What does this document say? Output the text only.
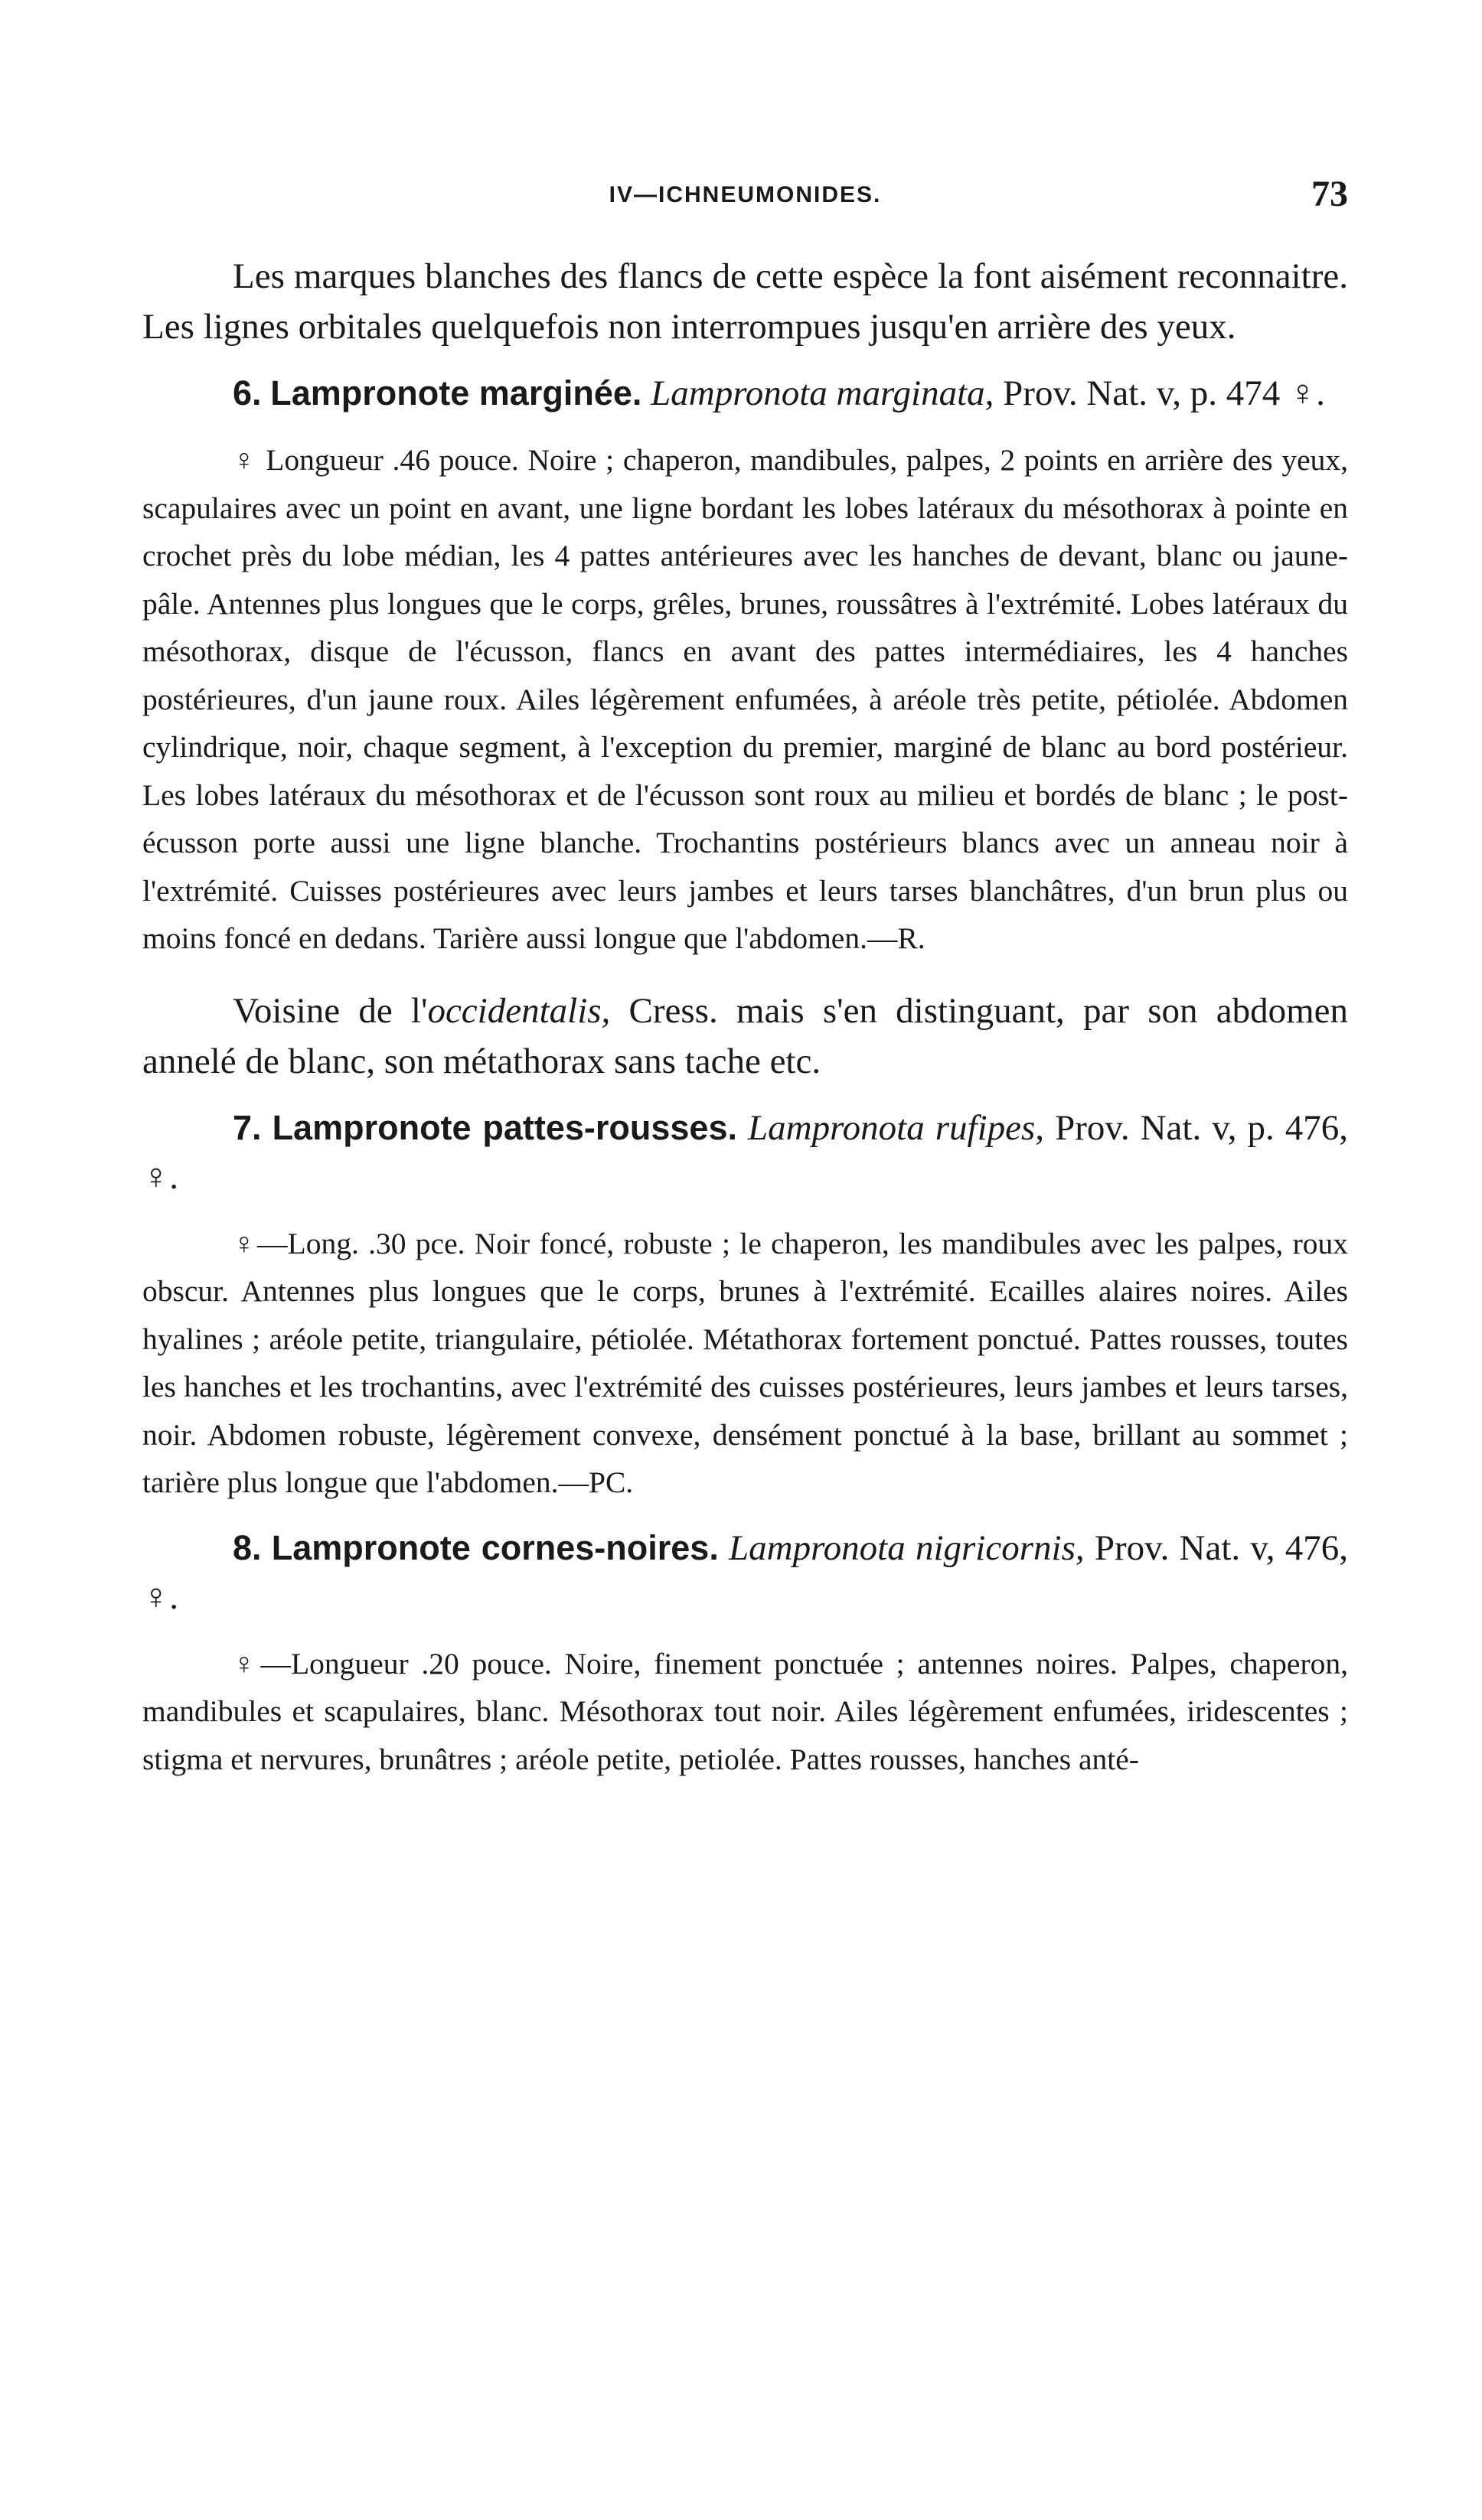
IV—ICHNEUMONIDES.	73

Les marques blanches des flancs de cette espèce la font aisément reconnaitre. Les lignes orbitales quelquefois non interrompues jusqu'en arrière des yeux.

6. Lampronote marginée. Lampronota marginata, Prov. Nat. v, p. 474 ♀.

♀ Longueur .46 pouce. Noire ; chaperon, mandibules, palpes, 2 points en arrière des yeux, scapulaires avec un point en avant, une ligne bordant les lobes latéraux du mésothorax à pointe en crochet près du lobe médian, les 4 pattes antérieures avec les hanches de devant, blanc ou jaune-pâle. Antennes plus longues que le corps, grêles, brunes, roussâtres à l'extrémité. Lobes latéraux du mésothorax, disque de l'écusson, flancs en avant des pattes intermédiaires, les 4 hanches postérieures, d'un jaune roux. Ailes légèrement enfumées, à aréole très petite, pétiolée. Abdomen cylindrique, noir, chaque segment, à l'exception du premier, marginé de blanc au bord postérieur. Les lobes latéraux du mésothorax et de l'écusson sont roux au milieu et bordés de blanc ; le post-écusson porte aussi une ligne blanche. Trochantins postérieurs blancs avec un anneau noir à l'extrémité. Cuisses postérieures avec leurs jambes et leurs tarses blanchâtres, d'un brun plus ou moins foncé en dedans. Tarière aussi longue que l'abdomen.—R.

Voisine de l'occidentalis, Cress. mais s'en distinguant, par son abdomen annelé de blanc, son métathorax sans tache etc.

7. Lampronote pattes-rousses. Lampronota rufipes, Prov. Nat. v, p. 476, ♀.

♀—Long. .30 pce. Noir foncé, robuste ; le chaperon, les mandibules avec les palpes, roux obscur. Antennes plus longues que le corps, brunes à l'extrémité. Ecailles alaires noires. Ailes hyalines ; aréole petite, triangulaire, pétiolée. Métathorax fortement ponctué. Pattes rousses, toutes les hanches et les trochantins, avec l'extrémité des cuisses postérieures, leurs jambes et leurs tarses, noir. Abdomen robuste, légèrement convexe, densément ponctué à la base, brillant au sommet ; tarière plus longue que l'abdomen.—PC.

8. Lampronote cornes-noires. Lampronota nigricornis, Prov. Nat. v, 476, ♀.

♀—Longueur .20 pouce. Noire, finement ponctuée ; antennes noires. Palpes, chaperon, mandibules et scapulaires, blanc. Mésothorax tout noir. Ailes légèrement enfumées, iridescentes ; stigma et nervures, brunâtres ; aréole petite, petiolée. Pattes rousses, hanches anté-
